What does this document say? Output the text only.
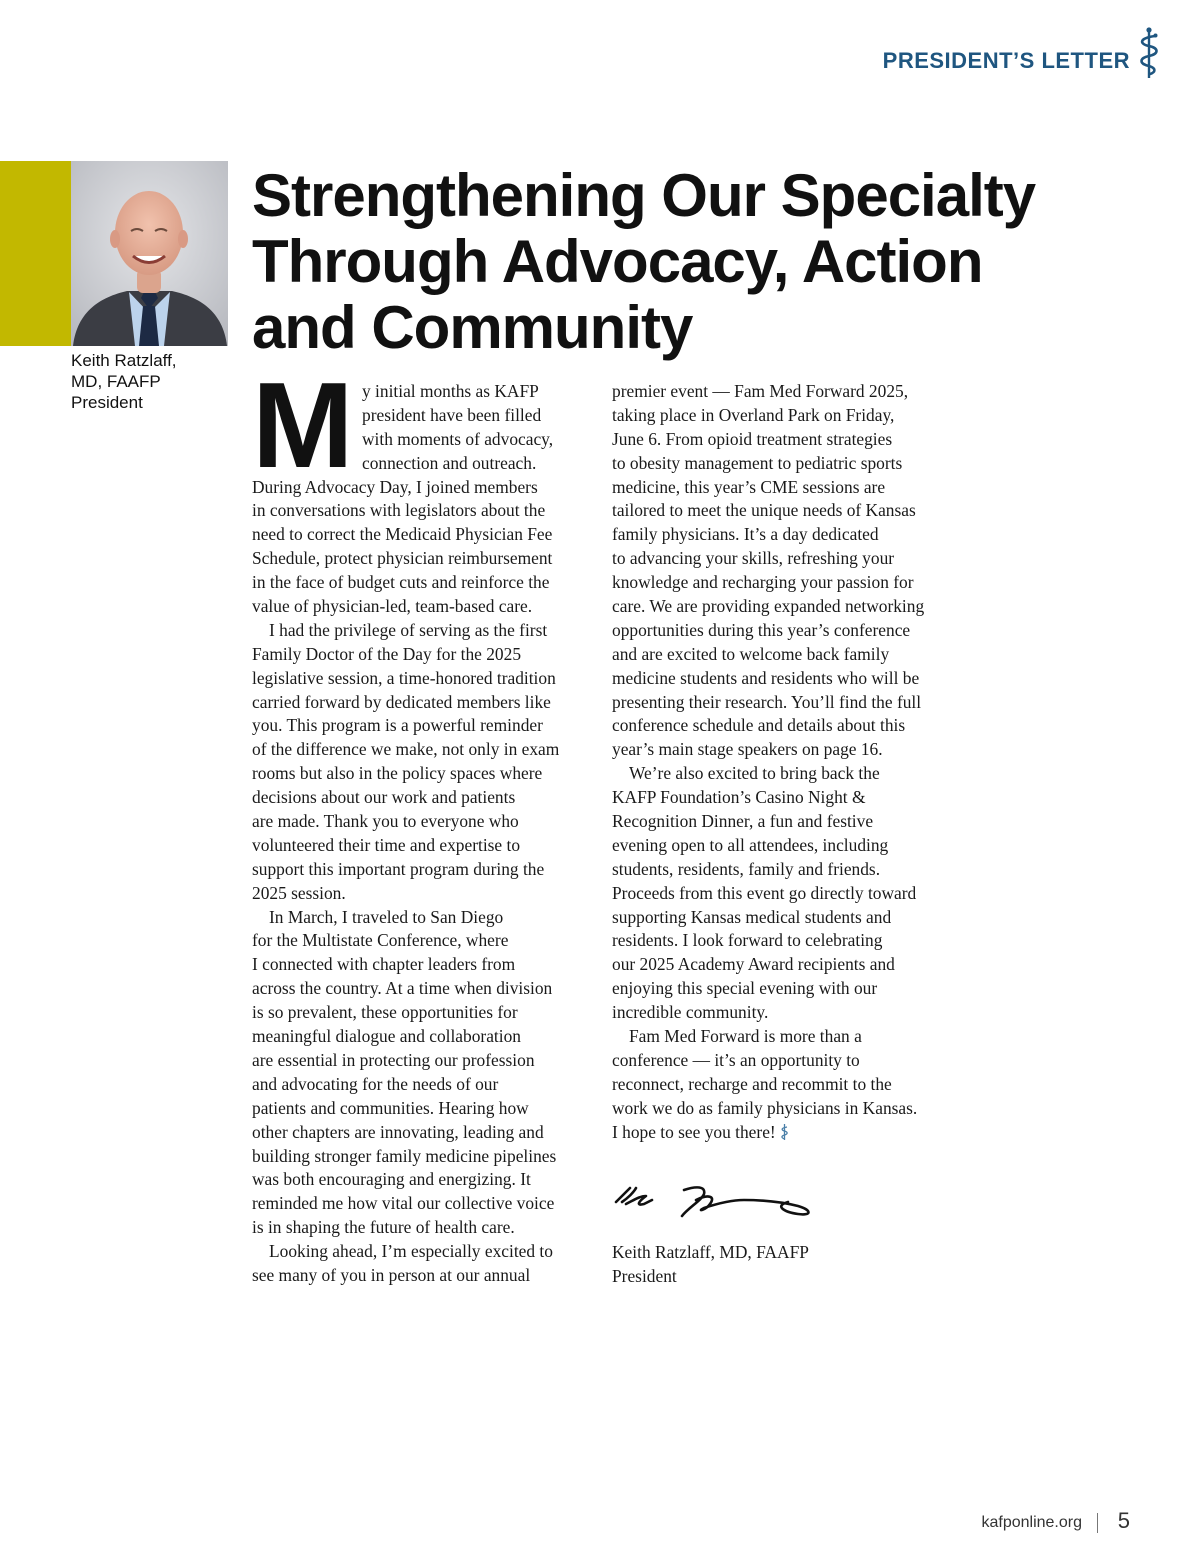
PRESIDENT’S LETTER
Keith Ratzlaff,
MD, FAAFP
President
Strengthening Our Specialty
Through Advocacy, Action
and Community
M y initial months as KAFP
president have been filled
with moments of advocacy,
connection and outreach.
During Advocacy Day, I joined members
in conversations with legislators about the
need to correct the Medicaid Physician Fee
Schedule, protect physician reimbursement
in the face of budget cuts and reinforce the
value of physician-led, team-based care.
I had the privilege of serving as the first
Family Doctor of the Day for the 2025
legislative session, a time-honored tradition
carried forward by dedicated members like
you. This program is a powerful reminder
of the difference we make, not only in exam
rooms but also in the policy spaces where
decisions about our work and patients
are made. Thank you to everyone who
volunteered their time and expertise to
support this important program during the
2025 session.
In March, I traveled to San Diego
for the Multistate Conference, where
I connected with chapter leaders from
across the country. At a time when division
is so prevalent, these opportunities for
meaningful dialogue and collaboration
are essential in protecting our profession
and advocating for the needs of our
patients and communities. Hearing how
other chapters are innovating, leading and
building stronger family medicine pipelines
was both encouraging and energizing. It
reminded me how vital our collective voice
is in shaping the future of health care.
Looking ahead, I’m especially excited to
see many of you in person at our annual
premier event — Fam Med Forward 2025,
taking place in Overland Park on Friday,
June 6. From opioid treatment strategies
to obesity management to pediatric sports
medicine, this year’s CME sessions are
tailored to meet the unique needs of Kansas
family physicians. It’s a day dedicated
to advancing your skills, refreshing your
knowledge and recharging your passion for
care. We are providing expanded networking
opportunities during this year’s conference
and are excited to welcome back family
medicine students and residents who will be
presenting their research. You’ll find the full
conference schedule and details about this
year’s main stage speakers on page 16.
We’re also excited to bring back the
KAFP Foundation’s Casino Night &
Recognition Dinner, a fun and festive
evening open to all attendees, including
students, residents, family and friends.
Proceeds from this event go directly toward
supporting Kansas medical students and
residents. I look forward to celebrating
our 2025 Academy Award recipients and
enjoying this special evening with our
incredible community.
Fam Med Forward is more than a
conference — it’s an opportunity to
reconnect, recharge and recommit to the
work we do as family physicians in Kansas.
I hope to see you there!
Keith Ratzlaff, MD, FAAFP
President
kafponline.org 5
